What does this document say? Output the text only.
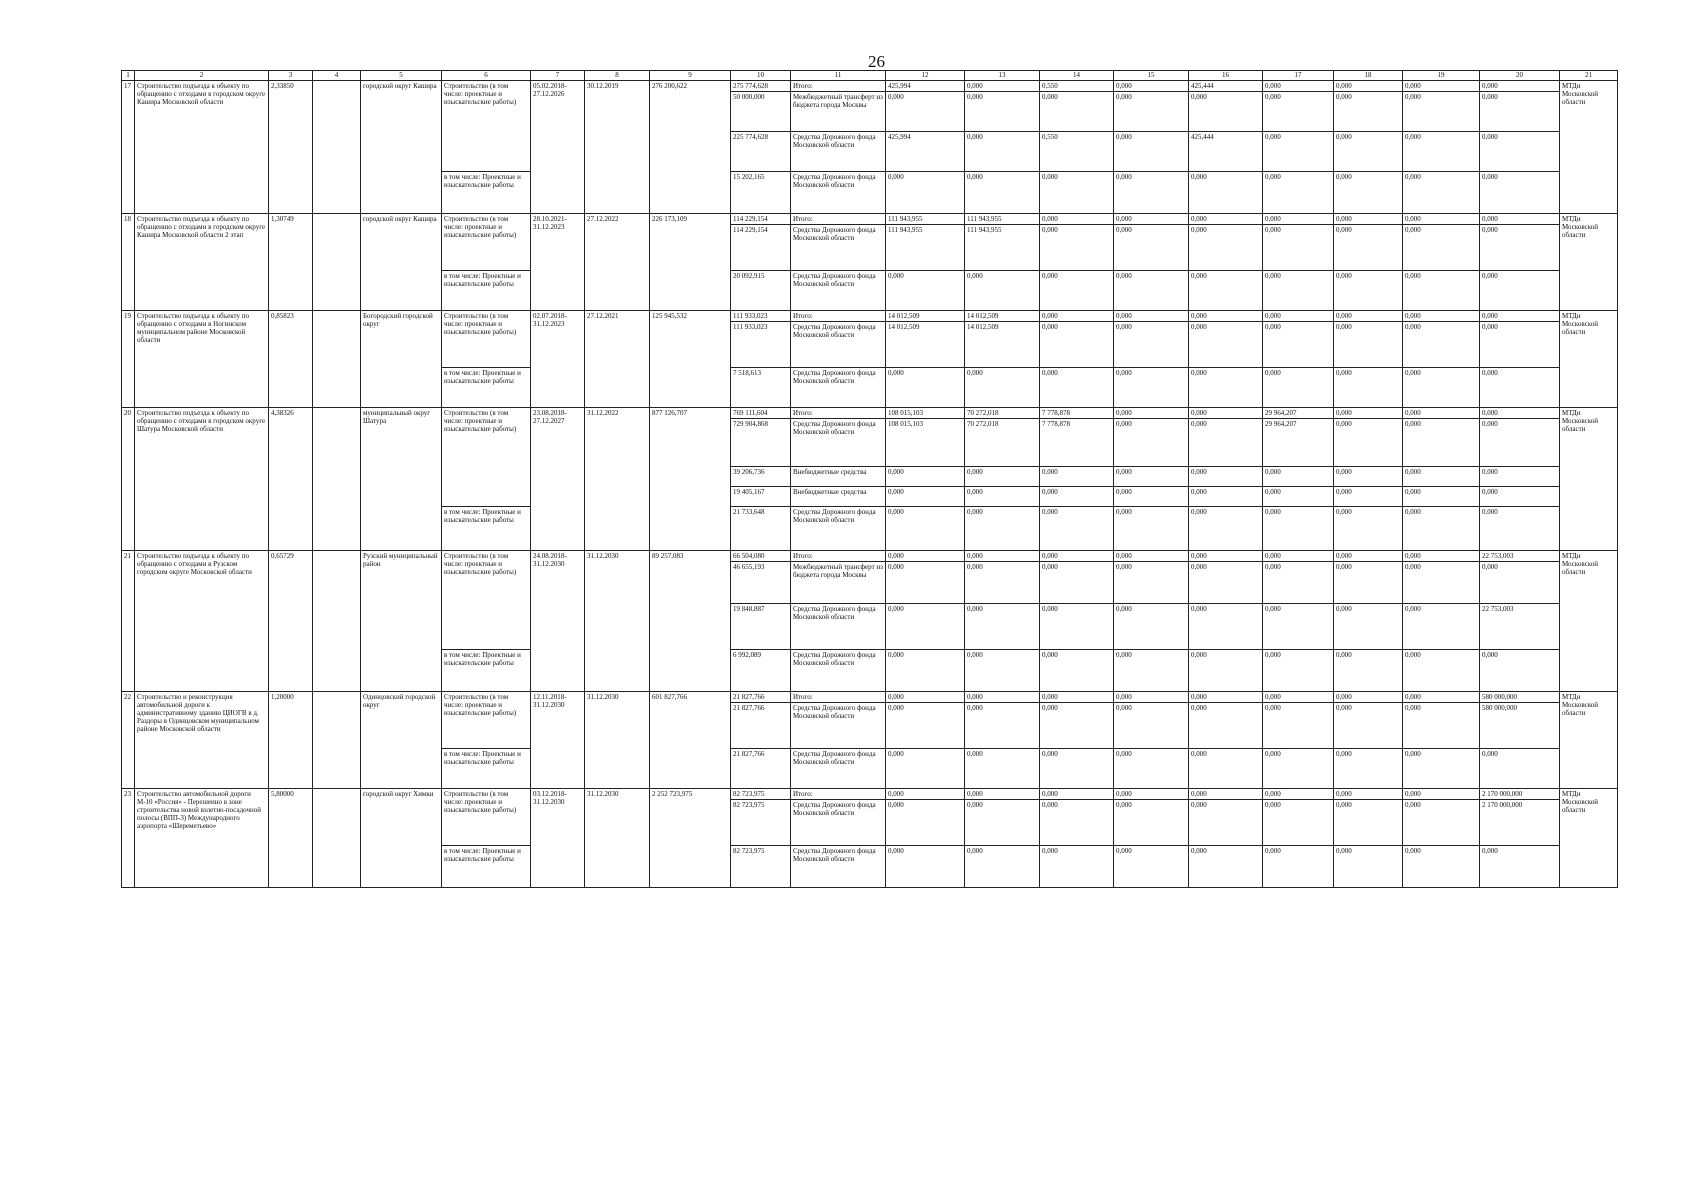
26
1	2	3	4	5	6	7	8	9	10	11	12	13	14	15	16	17	18	19	20	21
17	Строительство подъезда к объекту по обращению с отходами в городском округе Кашира Московской области	2,33850		городской округ Кашира	Строительство (в том числе: проектные и изыскательские работы)	05.02.2018-27.12.2026	30.12.2019	276 200,622	275 774,628	Итого:	425,994	0,000	0,550	0,000	425,444	0,000	0,000	0,000	0,000	МТДи Московской области
									50 000,000	Межбюджетный трансферт из бюджета города Москвы	0,000	0,000	0,000	0,000	0,000	0,000	0,000	0,000	0,000	
									225 774,628	Средства Дорожного фонда Московской области	425,994	0,000	0,550	0,000	425,444	0,000	0,000	0,000	0,000	
					в том числе: Проектные и изыскательские работы				15 202,165	Средства Дорожного фонда Московской области	0,000	0,000	0,000	0,000	0,000	0,000	0,000	0,000	0,000	
18	Строительство подъезда к объекту по обращению с отходами в городском округе Кашира Московской области 2 этап	1,30749		городской округ Кашира	Строительство (в том числе: проектные и изыскательские работы)	28.10.2021-31.12.2023	27.12.2022	226 173,109	114 229,154	Итого:	111 943,955	111 943,955	0,000	0,000	0,000	0,000	0,000	0,000	0,000	МТДи Московской области
									114 229,154	Средства Дорожного фонда Московской области	111 943,955	111 943,955	0,000	0,000	0,000	0,000	0,000	0,000	0,000	
					в том числе: Проектные и изыскательские работы				20 092,915	Средства Дорожного фонда Московской области	0,000	0,000	0,000	0,000	0,000	0,000	0,000	0,000	0,000	
19	Строительство подъезда к объекту по обращению с отходами в Ногинском муниципальном районе Московской области	0,85823		Богородский городской округ	Строительство (в том числе: проектные и изыскательские работы)	02.07.2018-31.12.2023	27.12.2021	125 945,532	111 933,023	Итого:	14 012,509	14 012,509	0,000	0,000	0,000	0,000	0,000	0,000	0,000	МТДи Московской области
									111 933,023	Средства Дорожного фонда Московской области	14 012,509	14 012,509	0,000	0,000	0,000	0,000	0,000	0,000	0,000	
					в том числе: Проектные и изыскательские работы				7 518,613	Средства Дорожного фонда Московской области	0,000	0,000	0,000	0,000	0,000	0,000	0,000	0,000	0,000	
20	Строительство подъезда к объекту по обращению с отходами в городском округе Шатура Московской области	4,38326		муниципальный округ Шатура	Строительство (в том числе: проектные и изыскательские работы)	23.08.2018-27.12.2027	31.12.2022	877 126,707	769 111,604	Итого:	108 015,103	70 272,018	7 778,878	0,000	0,000	29 964,207	0,000	0,000	0,000	МТДи Московской области
									729 904,868	Средства Дорожного фонда Московской области	108 015,103	70 272,018	7 778,878	0,000	0,000	29 964,207	0,000	0,000	0,000	
									39 206,736	Внебюджетные средства	0,000	0,000	0,000	0,000	0,000	0,000	0,000	0,000	0,000	
									19 405,167	Внебюджетные средства	0,000	0,000	0,000	0,000	0,000	0,000	0,000	0,000	0,000	
					в том числе: Проектные и изыскательские работы				21 733,648	Средства Дорожного фонда Московской области	0,000	0,000	0,000	0,000	0,000	0,000	0,000	0,000	0,000	
21	Строительство подъезда к объекту по обращению с отходами в Рузском городском округе Московской области	0,65729		Рузский муниципальный район	Строительство (в том числе: проектные и изыскательские работы)	24.08.2018-31.12.2030	31.12.2030	89 257,083	66 504,080	Итого:	0,000	0,000	0,000	0,000	0,000	0,000	0,000	0,000	22 753,003	МТДи Московской области
									46 655,193	Межбюджетный трансферт из бюджета города Москвы	0,000	0,000	0,000	0,000	0,000	0,000	0,000	0,000	0,000	
									19 848,887	Средства Дорожного фонда Московской области	0,000	0,000	0,000	0,000	0,000	0,000	0,000	0,000	22 753,003	
					в том числе: Проектные и изыскательские работы				6 992,089	Средства Дорожного фонда Московской области	0,000	0,000	0,000	0,000	0,000	0,000	0,000	0,000	0,000	
22	Строительство и реконструкция автомобильной дороги к административному зданию ЦИОГВ в д. Раздоры в Одинцовском муниципальном районе Московской области	1,20000		Одинцовский городской округ	Строительство (в том числе: проектные и изыскательские работы)	12.11.2018-31.12.2030	31.12.2030	601 827,766	21 827,766	Итого:	0,000	0,000	0,000	0,000	0,000	0,000	0,000	0,000	580 000,000	МТДи Московской области
									21 827,766	Средства Дорожного фонда Московской области	0,000	0,000	0,000	0,000	0,000	0,000	0,000	0,000	580 000,000	
					в том числе: Проектные и изыскательские работы				21 827,766	Средства Дорожного фонда Московской области	0,000	0,000	0,000	0,000	0,000	0,000	0,000	0,000	0,000	
23	Строительство автомобильной дороги М-10 «Россия» - Перешеино в зоне строительства новой взлетно-посадочной полосы (ВПП-3) Международного аэропорта «Шереметьево»	5,80000		городской округ Химки	Строительство (в том числе: проектные и изыскательские работы)	03.12.2018-31.12.2030	31.12.2030	2 252 723,975	82 723,975	Итого:	0,000	0,000	0,000	0,000	0,000	0,000	0,000	0,000	2 170 000,000	МТДи Московской области
									82 723,975	Средства Дорожного фонда Московской области	0,000	0,000	0,000	0,000	0,000	0,000	0,000	0,000	2 170 000,000	
					в том числе: Проектные и изыскательские работы				82 723,975	Средства Дорожного фонда Московской области	0,000	0,000	0,000	0,000	0,000	0,000	0,000	0,000	0,000	
